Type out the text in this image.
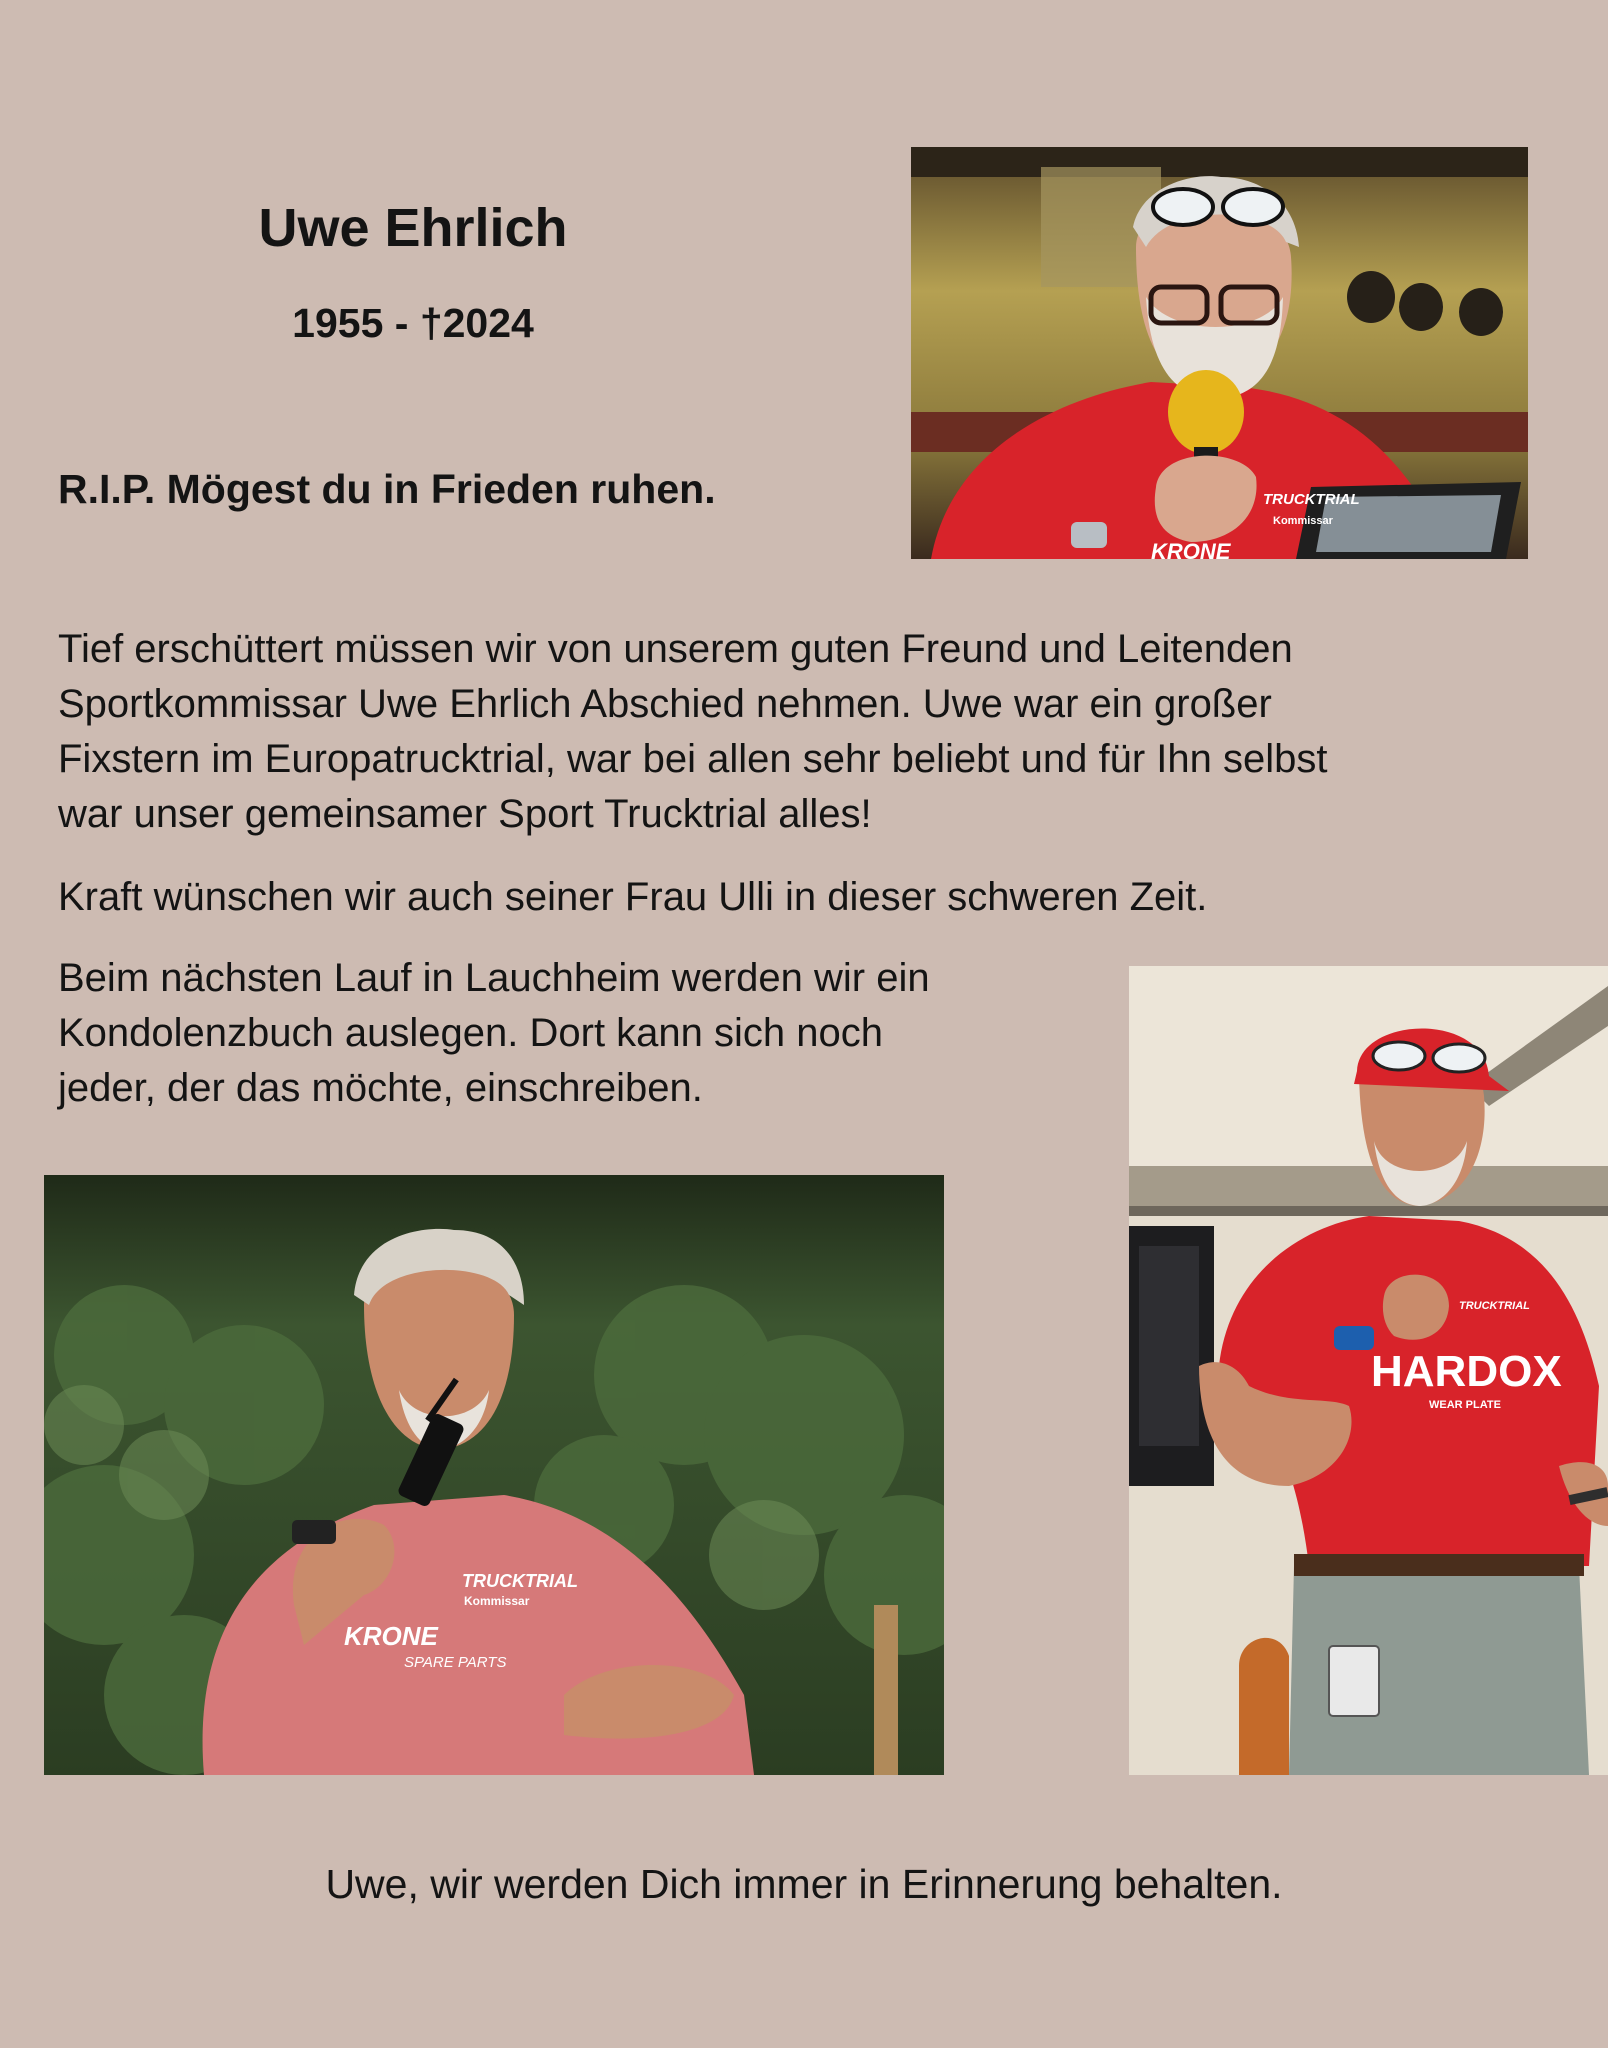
Uwe Ehrlich
1955 - †2024
R.I.P. Mögest du in Frieden ruhen.	TRUCKTRIAL
Kommissar
KRONE
Tief erschüttert müssen wir von unserem guten Freund und Leitenden
Sportkommissar Uwe Ehrlich Abschied nehmen. Uwe war ein großer
Fixstern im Europatrucktrial, war bei allen sehr beliebt und für Ihn selbst
war unser gemeinsamer Sport Trucktrial alles!
Kraft wünschen wir auch seiner Frau Ulli in dieser schweren Zeit.
Beim nächsten Lauf in Lauchheim werden wir ein
Kondolenzbuch auslegen. Dort kann sich noch
jeder, der das möchte, einschreiben.
TRUCKTRIAL
Kommissar
KRONE
SPARE PARTS
HARDOX
WEAR PLATE
TRUCKTRIAL
Uwe, wir werden Dich immer in Erinnerung behalten.
